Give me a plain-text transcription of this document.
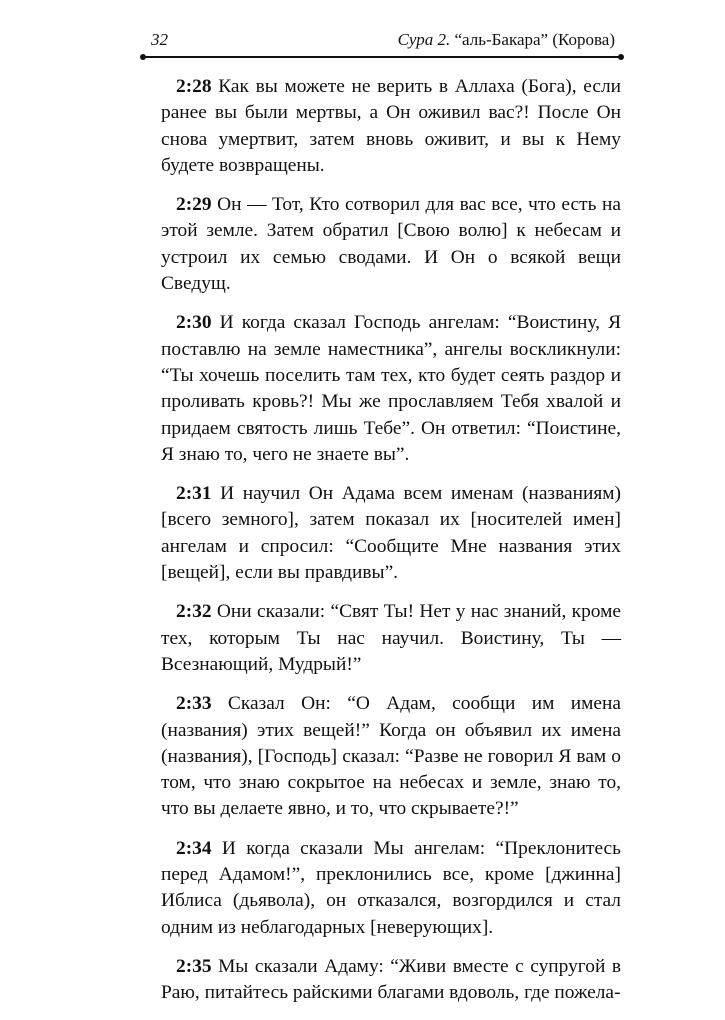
32	Сура 2. “аль-Бакара” (Корова)

2:28 Как вы можете не верить в Аллаха (Бога), если ранее вы были мертвы, а Он оживил вас?! После Он снова умертвит, затем вновь оживит, и вы к Нему будете возвращены.

2:29 Он — Тот, Кто сотворил для вас все, что есть на этой земле. Затем обратил [Свою волю] к небесам и устроил их семью сводами. И Он о всякой вещи Сведущ.

2:30 И когда сказал Господь ангелам: “Воистину, Я поставлю на земле наместника”, ангелы воскликнули: “Ты хочешь поселить там тех, кто будет сеять раздор и проливать кровь?! Мы же прославляем Тебя хвалой и придаем святость лишь Тебе”. Он ответил: “Поистине, Я знаю то, чего не знаете вы”.

2:31 И научил Он Адама всем именам (названиям) [всего земного], затем показал их [носителей имен] ангелам и спросил: “Сообщите Мне названия этих [вещей], если вы правдивы”.

2:32 Они сказали: “Свят Ты! Нет у нас знаний, кроме тех, которым Ты нас научил. Воистину, Ты — Всезнающий, Мудрый!”

2:33 Сказал Он: “О Адам, сообщи им имена (названия) этих вещей!” Когда он объявил их имена (названия), [Господь] сказал: “Разве не говорил Я вам о том, что знаю сокрытое на небесах и земле, знаю то, что вы делаете явно, и то, что скрываете?!”

2:34 И когда сказали Мы ангелам: “Преклонитесь перед Адамом!”, преклонились все, кроме [джинна] Иблиса (дьявола), он отказался, возгордился и стал одним из неблагодарных [неверующих].

2:35 Мы сказали Адаму: “Живи вместе с супругой в Раю, питайтесь райскими благами вдоволь, где пожела-
